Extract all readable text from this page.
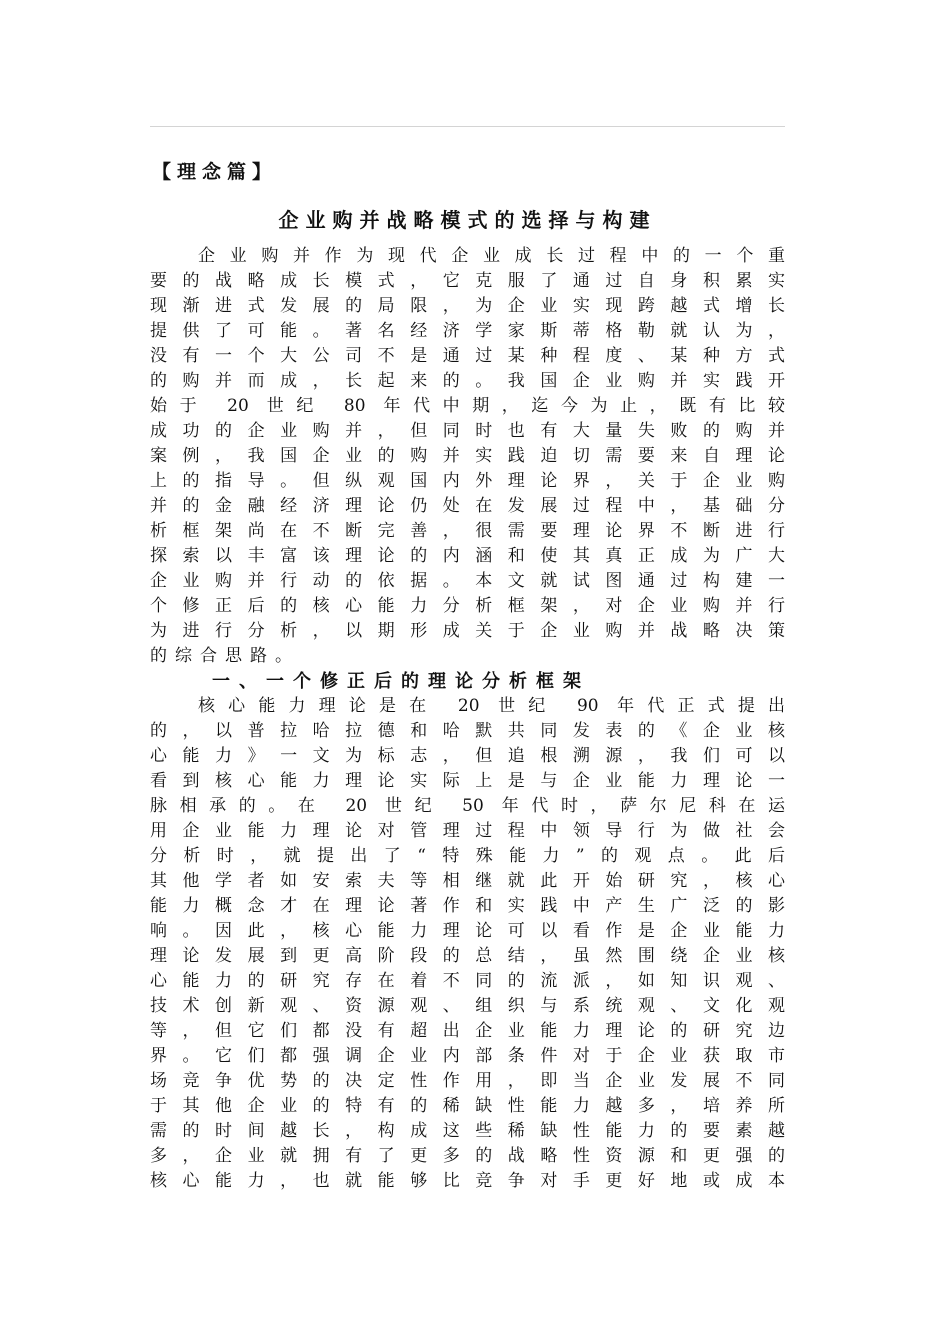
【理念篇】
企业购并战略模式的选择与构建
企业购并作为现代企业成长过程中的一个重
要的战略成长模式，它克服了通过自身积累实
现渐进式发展的局限，为企业实现跨越式增长
提供了可能。著名经济学家斯蒂格勒就认为，
没有一个大公司不是通过某种程度、某种方式
的购并而成，长起来的。我国企业购并实践开
始于 20 世纪 80 年代中期，迄今为止，既有比较
成功的企业购并，但同时也有大量失败的购并
案例，我国企业的购并实践迫切需要来自理论
上的指导。但纵观国内外理论界，关于企业购
并的金融经济理论仍处在发展过程中，基础分
析框架尚在不断完善，很需要理论界不断进行
探索以丰富该理论的内涵和使其真正成为广大
企业购并行动的依据。本文就试图通过构建一
个修正后的核心能力分析框架，对企业购并行
为进行分析，以期形成关于企业购并战略决策
的综合思路。
一、一个修正后的理论分析框架
核心能力理论是在 20 世纪 90 年代正式提出
的，以普拉哈拉德和哈默共同发表的《企业核
心能力》一文为标志，但追根溯源，我们可以
看到核心能力理论实际上是与企业能力理论一
脉相承的。在 20 世纪 50 年代时，萨尔尼科在运
用企业能力理论对管理过程中领导行为做社会
分析时，就提出了“特殊能力”的观点。此后
其他学者如安索夫等相继就此开始研究，核心
能力概念才在理论著作和实践中产生广泛的影
响。因此，核心能力理论可以看作是企业能力
理论发展到更高阶段的总结，虽然围绕企业核
心能力的研究存在着不同的流派，如知识观、
技术创新观、资源观、组织与系统观、文化观
等，但它们都没有超出企业能力理论的研究边
界。它们都强调企业内部条件对于企业获取市
场竞争优势的决定性作用，即当企业发展不同
于其他企业的特有的稀缺性能力越多，培养所
需的时间越长，构成这些稀缺性能力的要素越
多，企业就拥有了更多的战略性资源和更强的
核心能力，也就能够比竞争对手更好地或成本
